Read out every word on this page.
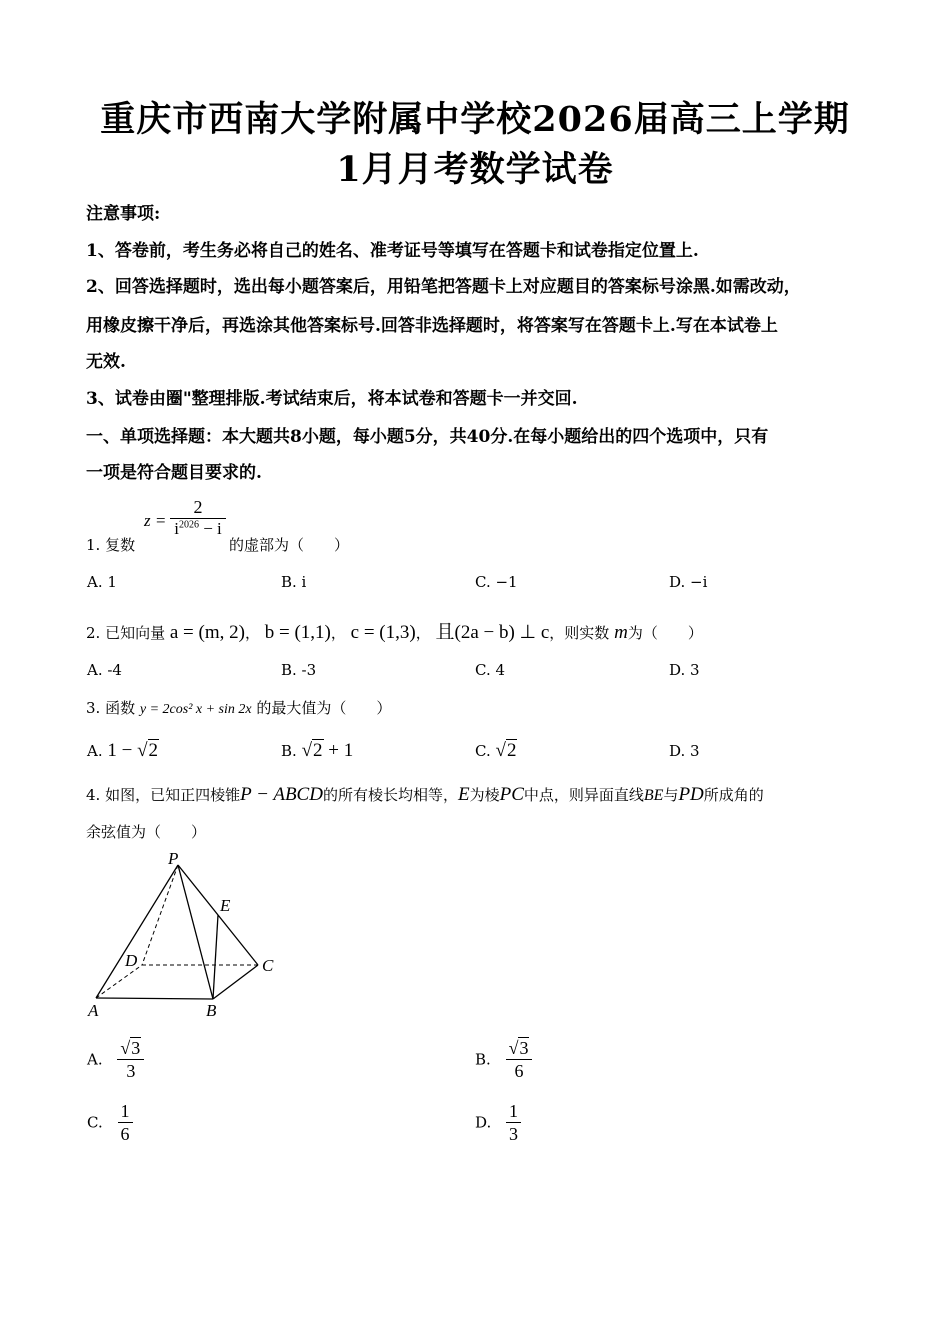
重庆市西南大学附属中学校2026届高三上学期
1月月考数学试卷
注意事项:
1、答卷前，考生务必将自己的姓名、准考证号等填写在答题卡和试卷指定位置上.
2、回答选择题时，选出每小题答案后，用铅笔把答题卡上对应题目的答案标号涂黑.如需改动，
用橡皮擦干净后，再选涂其他答案标号.回答非选择题时，将答案写在答题卡上.写在本试卷上
无效.
3、试卷由圈"整理排版.考试结束后，将本试卷和答题卡一并交回.
一、单项选择题：本大题共8小题，每小题5分，共40分.在每小题给出的四个选项中，只有
一项是符合题目要求的.
1. 复数
z =
2
$i^{2026} - i$
的虚部为（　　）
A. 1	B. i	C. −1	D. −i
2. 已知向量 a = (m, 2)， b = (1,1)， c = (1,3)， 且(2a − b) ⊥ c，则实数 m为（　　）
A. -4	B. -3	C. 4	D. 3
3. 函数 y = 2cos² x + sin 2x 的最大值为（　　）
A. 1 − √2	B. √2 + 1	C. √2	D. 3
4. 如图，已知正四棱锥P − ABCD的所有棱长均相等，E为棱PC中点，则异面直线BE与PD所成角的
余弦值为（　　）
P
A	B
C
D
E
A. $\frac{√3}{3}$	B. $\frac{√3}{6}$
C. $\frac{1}{6}$	D. $\frac{1}{3}$
